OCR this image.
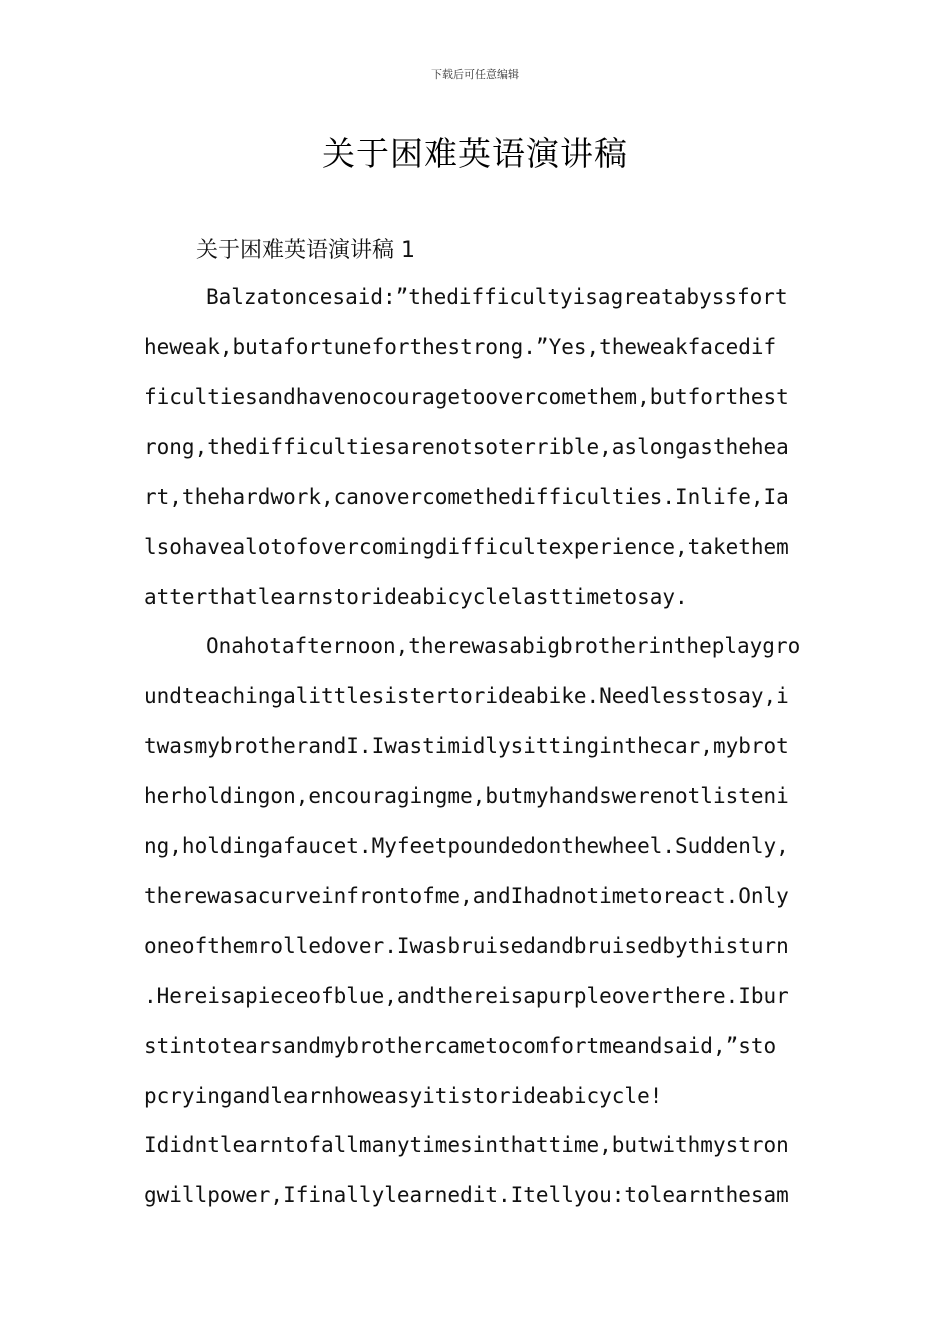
下载后可任意编辑
关于困难英语演讲稿
关于困难英语演讲稿 1
Balzatoncesaid:”thedifficultyisagreatabyssfort
heweak,butafortuneforthestrong.”Yes,theweakfacedif
ficultiesandhavenocouragetoovercomethem,butforthest
rong,thedifficultiesarenotsoterrible,aslongasthehea
rt,thehardwork,canovercomethedifficulties.Inlife,Ia
lsohavealotofovercomingdifficultexperience,takethem
atterthatlearnstorideabicyclelasttimetosay.
Onahotafternoon,therewasabigbrotherintheplaygro
undteachingalittlesistertorideabike.Needlesstosay,i
twasmybrotherandI.Iwastimidlysittinginthecar,mybrot
herholdingon,encouragingme,butmyhandswerenotlisteni
ng,holdingafaucet.Myfeetpoundedonthewheel.Suddenly,
therewasacurveinfrontofme,andIhadnotimetoreact.Only
oneofthemrolledover.Iwasbruisedandbruisedbythisturn
.Hereisapieceofblue,andthereisapurpleoverthere.Ibur
stintotearsandmybrothercametocomfortmeandsaid,”sto
pcryingandlearnhoweasyitistorideabicycle!
Ididntlearntofallmanytimesinthattime,butwithmystron
gwillpower,Ifinallylearnedit.Itellyou:tolearnthesam
